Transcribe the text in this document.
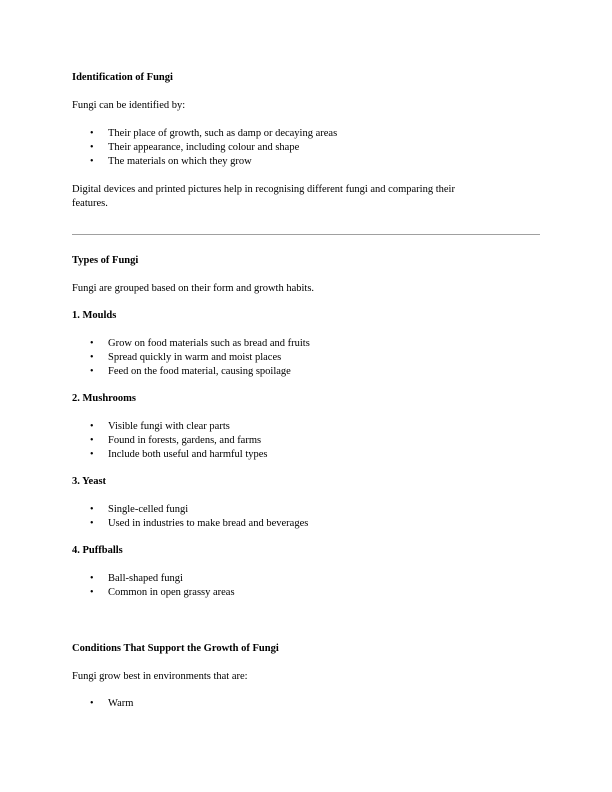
Identification of Fungi
Fungi can be identified by:
• Their place of growth, such as damp or decaying areas
• Their appearance, including colour and shape
• The materials on which they grow
Digital devices and printed pictures help in recognising different fungi and comparing their
features.
Types of Fungi
Fungi are grouped based on their form and growth habits.
1. Moulds
• Grow on food materials such as bread and fruits
• Spread quickly in warm and moist places
• Feed on the food material, causing spoilage
2. Mushrooms
• Visible fungi with clear parts
• Found in forests, gardens, and farms
• Include both useful and harmful types
3. Yeast
• Single-celled fungi
• Used in industries to make bread and beverages
4. Puffballs
• Ball-shaped fungi
• Common in open grassy areas
Conditions That Support the Growth of Fungi
Fungi grow best in environments that are:
• Warm
